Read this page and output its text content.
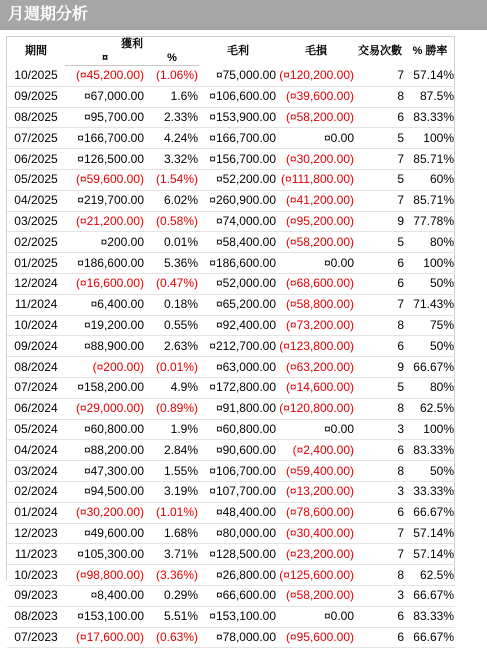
月週期分析
期間	獲利		毛利	毛損	交易次數	% 勝率
	¤	%				
10/2025	(¤45,200.00)	(1.06%)	¤75,000.00	(¤120,200.00)	7	57.14%
09/2025	¤67,000.00	1.6%	¤106,600.00	(¤39,600.00)	8	87.5%
08/2025	¤95,700.00	2.33%	¤153,900.00	(¤58,200.00)	6	83.33%
07/2025	¤166,700.00	4.24%	¤166,700.00	¤0.00	5	100%
06/2025	¤126,500.00	3.32%	¤156,700.00	(¤30,200.00)	7	85.71%
05/2025	(¤59,600.00)	(1.54%)	¤52,200.00	(¤111,800.00)	5	60%
04/2025	¤219,700.00	6.02%	¤260,900.00	(¤41,200.00)	7	85.71%
03/2025	(¤21,200.00)	(0.58%)	¤74,000.00	(¤95,200.00)	9	77.78%
02/2025	¤200.00	0.01%	¤58,400.00	(¤58,200.00)	5	80%
01/2025	¤186,600.00	5.36%	¤186,600.00	¤0.00	6	100%
12/2024	(¤16,600.00)	(0.47%)	¤52,000.00	(¤68,600.00)	6	50%
11/2024	¤6,400.00	0.18%	¤65,200.00	(¤58,800.00)	7	71.43%
10/2024	¤19,200.00	0.55%	¤92,400.00	(¤73,200.00)	8	75%
09/2024	¤88,900.00	2.63%	¤212,700.00	(¤123,800.00)	6	50%
08/2024	(¤200.00)	(0.01%)	¤63,000.00	(¤63,200.00)	9	66.67%
07/2024	¤158,200.00	4.9%	¤172,800.00	(¤14,600.00)	5	80%
06/2024	(¤29,000.00)	(0.89%)	¤91,800.00	(¤120,800.00)	8	62.5%
05/2024	¤60,800.00	1.9%	¤60,800.00	¤0.00	3	100%
04/2024	¤88,200.00	2.84%	¤90,600.00	(¤2,400.00)	6	83.33%
03/2024	¤47,300.00	1.55%	¤106,700.00	(¤59,400.00)	8	50%
02/2024	¤94,500.00	3.19%	¤107,700.00	(¤13,200.00)	3	33.33%
01/2024	(¤30,200.00)	(1.01%)	¤48,400.00	(¤78,600.00)	6	66.67%
12/2023	¤49,600.00	1.68%	¤80,000.00	(¤30,400.00)	7	57.14%
11/2023	¤105,300.00	3.71%	¤128,500.00	(¤23,200.00)	7	57.14%
10/2023	(¤98,800.00)	(3.36%)	¤26,800.00	(¤125,600.00)	8	62.5%
09/2023	¤8,400.00	0.29%	¤66,600.00	(¤58,200.00)	3	66.67%
08/2023	¤153,100.00	5.51%	¤153,100.00	¤0.00	6	83.33%
07/2023	(¤17,600.00)	(0.63%)	¤78,000.00	(¤95,600.00)	6	66.67%
